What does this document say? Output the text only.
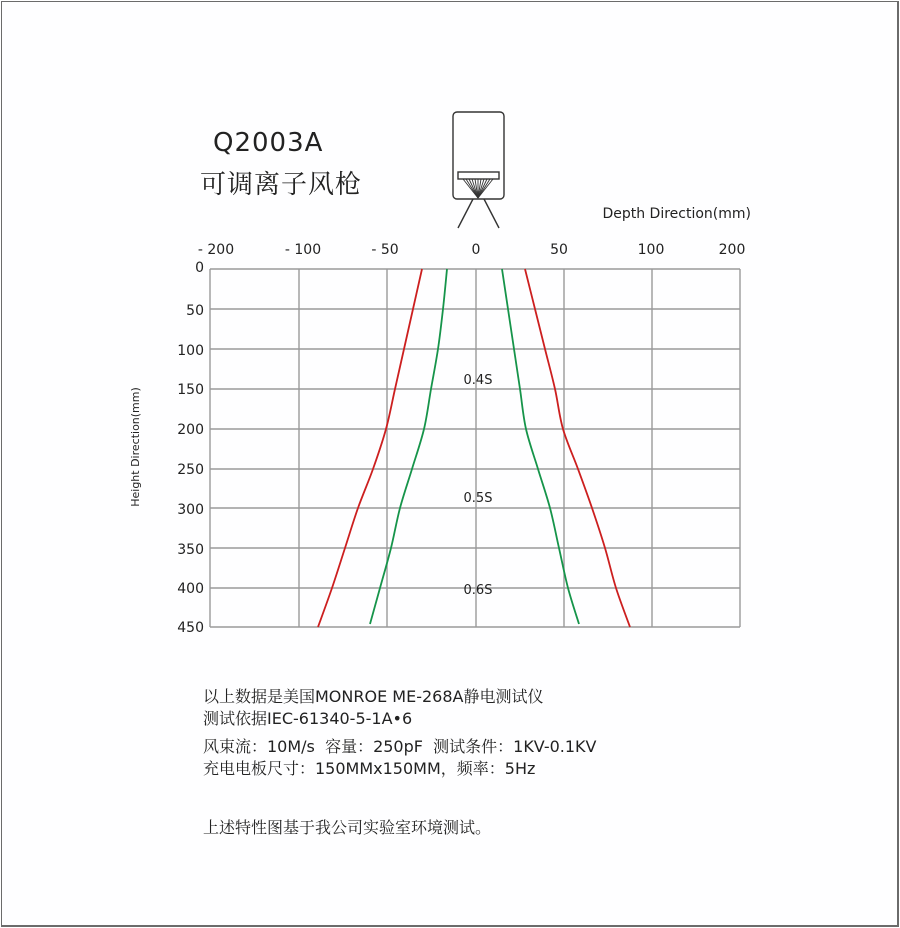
Q2003A
可调离子风枪
Depth Direction(mm)
Height Direction(mm)
- 200	- 100	- 50	0	50	100	200
0
50
100
150
200
250
300
350
400
450
0.4S
0.5S
0.6S
以上数据是美国MONROE ME-268A静电测试仪
测试依据IEC-61340-5-1A•6
风束流：10M/s  容量：250pF  测试条件：1KV-0.1KV
充电电板尺寸：150MMx150MM，频率：5Hz
上述特性图基于我公司实验室环境测试。
